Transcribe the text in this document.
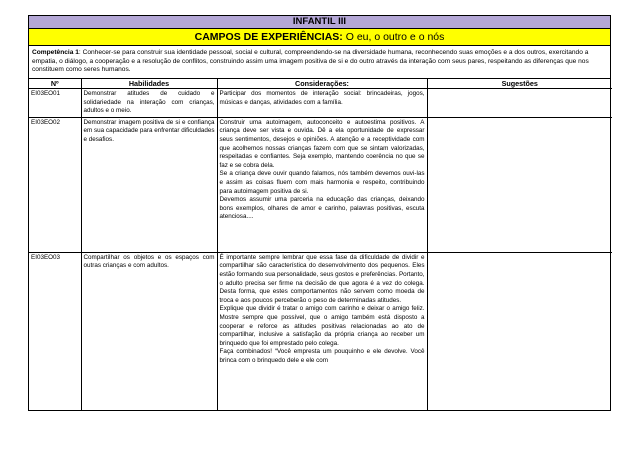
INFANTIL III
CAMPOS DE EXPERIÊNCIAS: O eu, o outro e o nós
Competência 1: Conhecer-se para construir sua identidade pessoal, social e cultural, compreendendo-se na diversidade humana, reconhecendo suas emoções e a dos outros, exercitando a empatia, o diálogo, a cooperação e a resolução de conflitos, construindo assim uma imagem positiva de si e do outro através da interação com seus pares, respeitando as diferenças que nos constituem como seres humanos.
Nº	Habilidades	Considerações:	Sugestões
EI03EO01	Demonstrar atitudes de cuidado e solidariedade na interação com crianças, adultos e o meio.	Participar dos momentos de interação social: brincadeiras, jogos, músicas e danças, atividades com a família.	

EI03EO02	Demonstrar imagem positiva de si e confiança em sua capacidade para enfrentar dificuldades e desafios.	Construir uma autoimagem, autoconceito e autoestima positivos. A criança deve ser vista e ouvida. Dê a ela oportunidade de expressar seus sentimentos, desejos e opiniões. A atenção e a receptividade com que acolhemos nossas crianças fazem com que se sintam valorizadas, respeitadas e confiantes. Seja exemplo, mantendo coerência no que se faz e se cobra dela.

Se a criança deve ouvir quando falamos, nós também devemos ouvi-las e assim as coisas fluem com mais harmonia e respeito, contribuindo para autoimagem positiva de si.

Devemos assumir uma parceria na educação das crianças, deixando bons exemplos, olhares de amor e carinho, palavras positivas, escuta atenciosa....	

EI03EO03	Compartilhar os objetos e os espaços com outras crianças e com adultos.	É importante sempre lembrar que essa fase da dificuldade de dividir e compartilhar são característica do desenvolvimento dos pequenos. Eles estão formando sua personalidade, seus gostos e preferências. Portanto, o adulto precisa ser firme na decisão de que agora é a vez do colega. Desta forma, que estes comportamentos não servem como moeda de troca e aos poucos perceberão o peso de determinadas atitudes.

Explique que dividir é tratar o amigo com carinho e deixar o amigo feliz. Mostre sempre que possível, que o amigo também está disposto a cooperar e reforce as atitudes positivas relacionadas ao ato de compartilhar, inclusive a satisfação da própria criança ao receber um brinquedo que foi emprestado pelo colega.

Faça combinados! “Você empresta um pouquinho e ele devolve. Você brinca com o brinquedo dele e ele com	
